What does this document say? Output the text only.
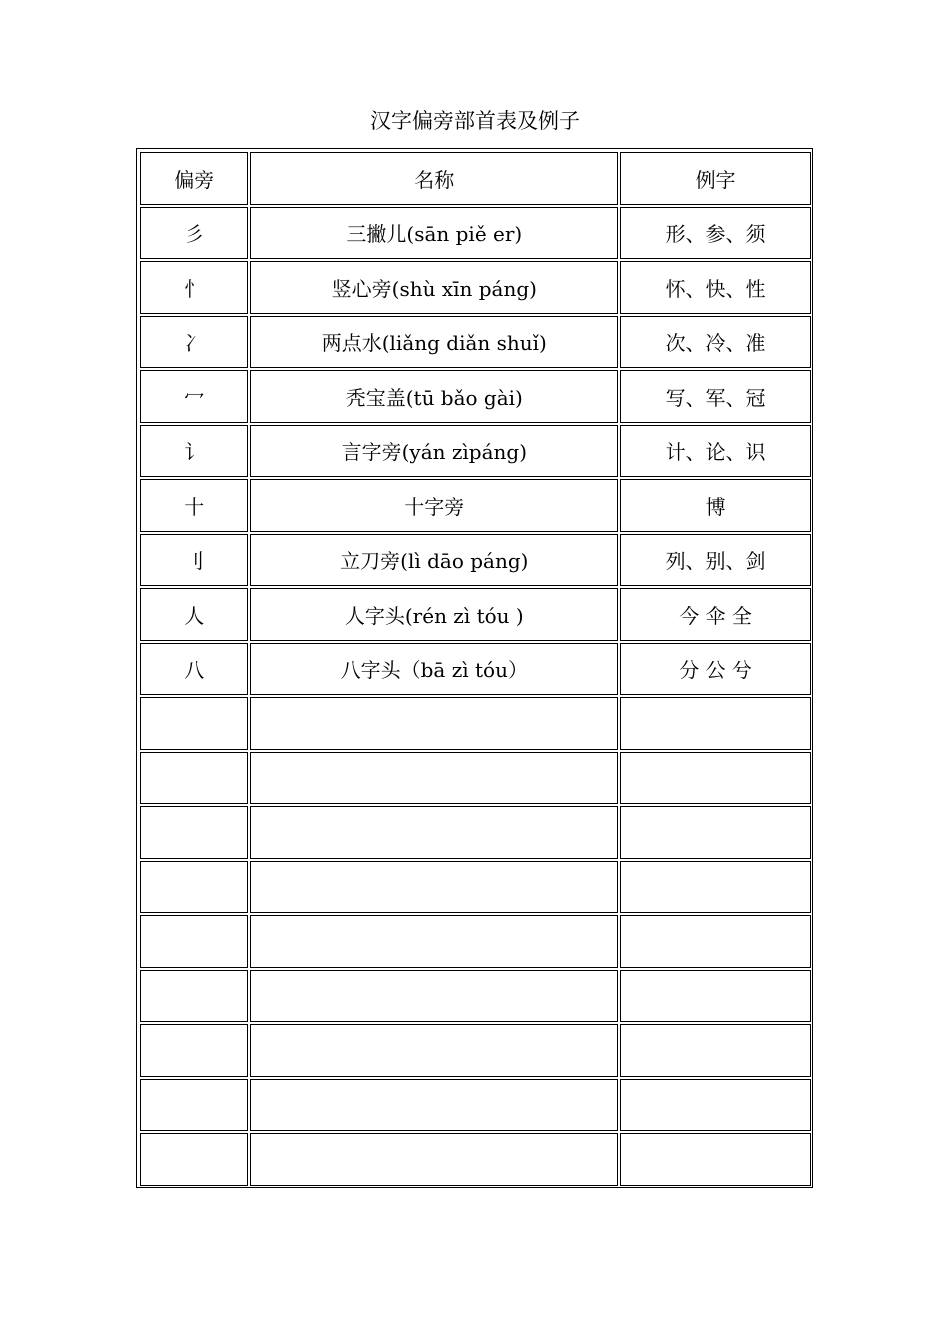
汉字偏旁部首表及例子
偏旁	名称	例字
彡	三撇儿(sān piě er)	形、参、须
忄	竖心旁(shù xīn páng)	怀、快、性
冫	两点水(liǎng diǎn shuǐ)	次、冷、准
冖	秃宝盖(tū bǎo gài)	写、军、冠
讠	言字旁(yán zìpáng)	计、论、识
十	十字旁	博
刂	立刀旁(lì dāo páng)	列、别、剑
人	人字头(rén zì tóu )	今 伞 全
八	八字头（bā zì tóu）	分 公 兮
